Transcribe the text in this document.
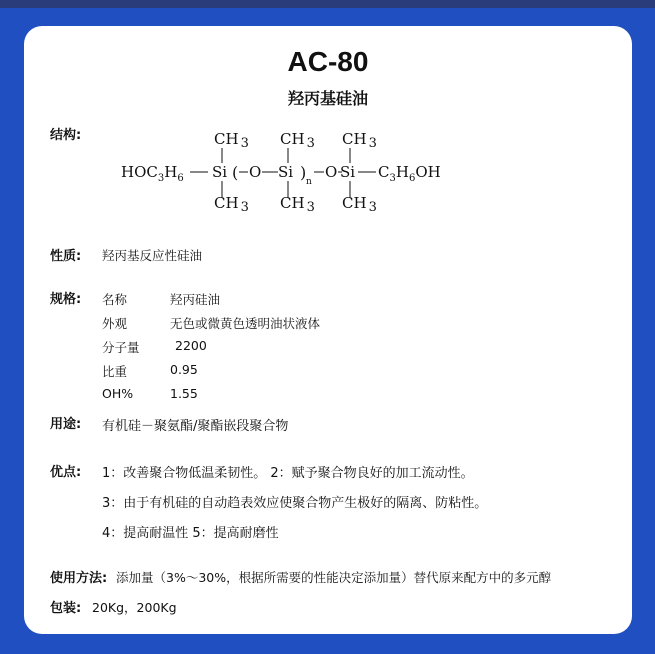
AC-80
羟丙基硅油
结构:
$HOC_3H_6$
CH 3
Si
CH 3
( O
CH 3
Si
CH 3
) n
O
CH 3
Si
CH 3
$C_3H_6OH$
性质: 羟丙基反应性硅油
规格: 名称	羟丙硅油
外观	无色或微黄色透明油状液体
分子量	2200
比重	0.95
OH%	1.55
用途: 有机硅－聚氨酯/聚酯嵌段聚合物
优点: 1：改善聚合物低温柔韧性。 2：赋予聚合物良好的加工流动性。
3：由于有机硅的自动趋表效应使聚合物产生极好的隔离、防粘性。
4：提高耐温性 5：提高耐磨性
使用方法: 添加量（3%～30%，根据所需要的性能决定添加量）替代原来配方中的多元醇
包装: 20Kg，200Kg
